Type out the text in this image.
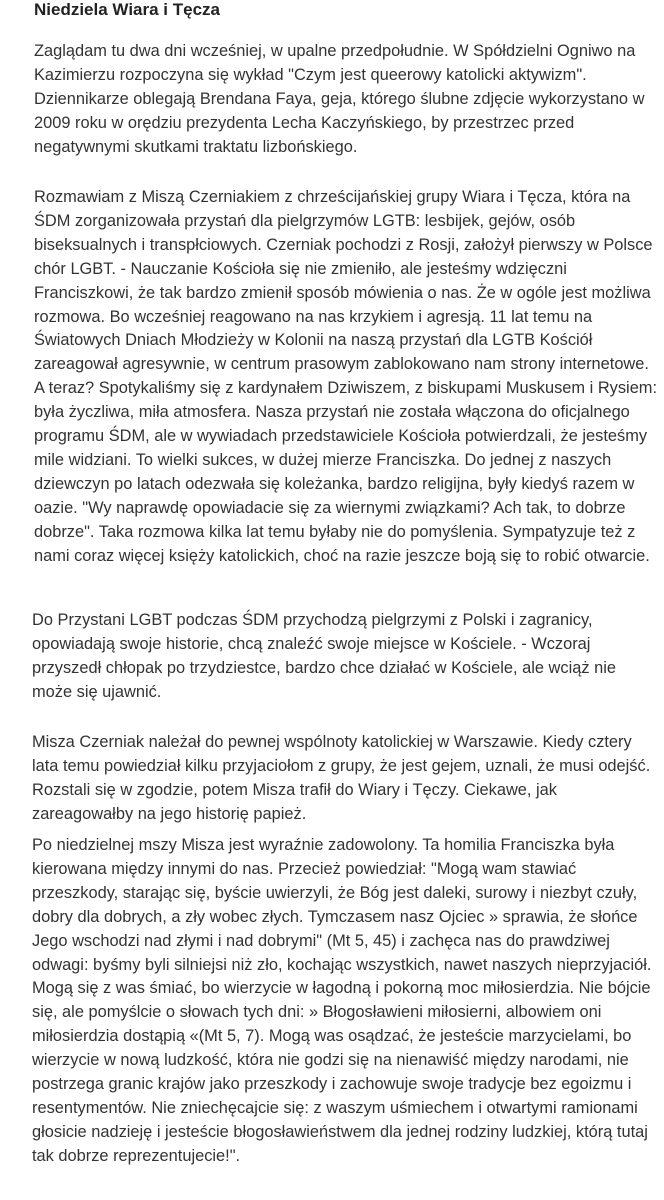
Niedziela Wiara i Tęcza

Zaglądam tu dwa dni wcześniej, w upalne przedpołudnie. W Spółdzielni Ogniwo na Kazimierzu rozpoczyna się wykład "Czym jest queerowy katolicki aktywizm". Dziennikarze oblegają Brendana Faya, geja, którego ślubne zdjęcie wykorzystano w 2009 roku w orędziu prezydenta Lecha Kaczyńskiego, by przestrzec przed negatywnymi skutkami traktatu lizbońskiego.

Rozmawiam z Miszą Czerniakiem z chrześcijańskiej grupy Wiara i Tęcza, która na ŚDM zorganizowała przystań dla pielgrzymów LGTB: lesbijek, gejów, osób biseksualnych i transpłciowych. Czerniak pochodzi z Rosji, założył pierwszy w Polsce chór LGBT. - Nauczanie Kościoła się nie zmieniło, ale jesteśmy wdzięczni Franciszkowi, że tak bardzo zmienił sposób mówienia o nas. Że w ogóle jest możliwa rozmowa. Bo wcześniej reagowano na nas krzykiem i agresją. 11 lat temu na Światowych Dniach Młodzieży w Kolonii na naszą przystań dla LGTB Kościół zareagował agresywnie, w centrum prasowym zablokowano nam strony internetowe. A teraz? Spotykaliśmy się z kardynałem Dziwiszem, z biskupami Muskusem i Rysiem: była życzliwa, miła atmosfera. Nasza przystań nie została włączona do oficjalnego programu ŚDM, ale w wywiadach przedstawiciele Kościoła potwierdzali, że jesteśmy mile widziani. To wielki sukces, w dużej mierze Franciszka. Do jednej z naszych dziewczyn po latach odezwała się koleżanka, bardzo religijna, były kiedyś razem w oazie. "Wy naprawdę opowiadacie się za wiernymi związkami? Ach tak, to dobrze dobrze". Taka rozmowa kilka lat temu byłaby nie do pomyślenia. Sympatyzuje też z nami coraz więcej księży katolickich, choć na razie jeszcze boją się to robić otwarcie.

Do Przystani LGBT podczas ŚDM przychodzą pielgrzymi z Polski i zagranicy, opowiadają swoje historie, chcą znaleźć swoje miejsce w Kościele. - Wczoraj przyszedł chłopak po trzydziestce, bardzo chce działać w Kościele, ale wciąż nie może się ujawnić.

Misza Czerniak należał do pewnej wspólnoty katolickiej w Warszawie. Kiedy cztery lata temu powiedział kilku przyjaciołom z grupy, że jest gejem, uznali, że musi odejść. Rozstali się w zgodzie, potem Misza trafił do Wiary i Tęczy. Ciekawe, jak zareagowałby na jego historię papież.

Po niedzielnej mszy Misza jest wyraźnie zadowolony. Ta homilia Franciszka była kierowana między innymi do nas. Przecież powiedział: "Mogą wam stawiać przeszkody, starając się, byście uwierzyli, że Bóg jest daleki, surowy i niezbyt czuły, dobry dla dobrych, a zły wobec złych. Tymczasem nasz Ojciec » sprawia, że słońce Jego wschodzi nad złymi i nad dobrymi" (Mt 5, 45) i zachęca nas do prawdziwej odwagi: byśmy byli silniejsi niż zło, kochając wszystkich, nawet naszych nieprzyjaciół. Mogą się z was śmiać, bo wierzycie w łagodną i pokorną moc miłosierdzia. Nie bójcie się, ale pomyślcie o słowach tych dni: » Błogosławieni miłosierni, albowiem oni miłosierdzia dostąpią «(Mt 5, 7). Mogą was osądzać, że jesteście marzycielami, bo wierzycie w nową ludzkość, która nie godzi się na nienawiść między narodami, nie postrzega granic krajów jako przeszkody i zachowuje swoje tradycje bez egoizmu i resentymentów. Nie zniechęcajcie się: z waszym uśmiechem i otwartymi ramionami głosicie nadzieję i jesteście błogosławieństwem dla jednej rodziny ludzkiej, którą tutaj tak dobrze reprezentujecie!".
